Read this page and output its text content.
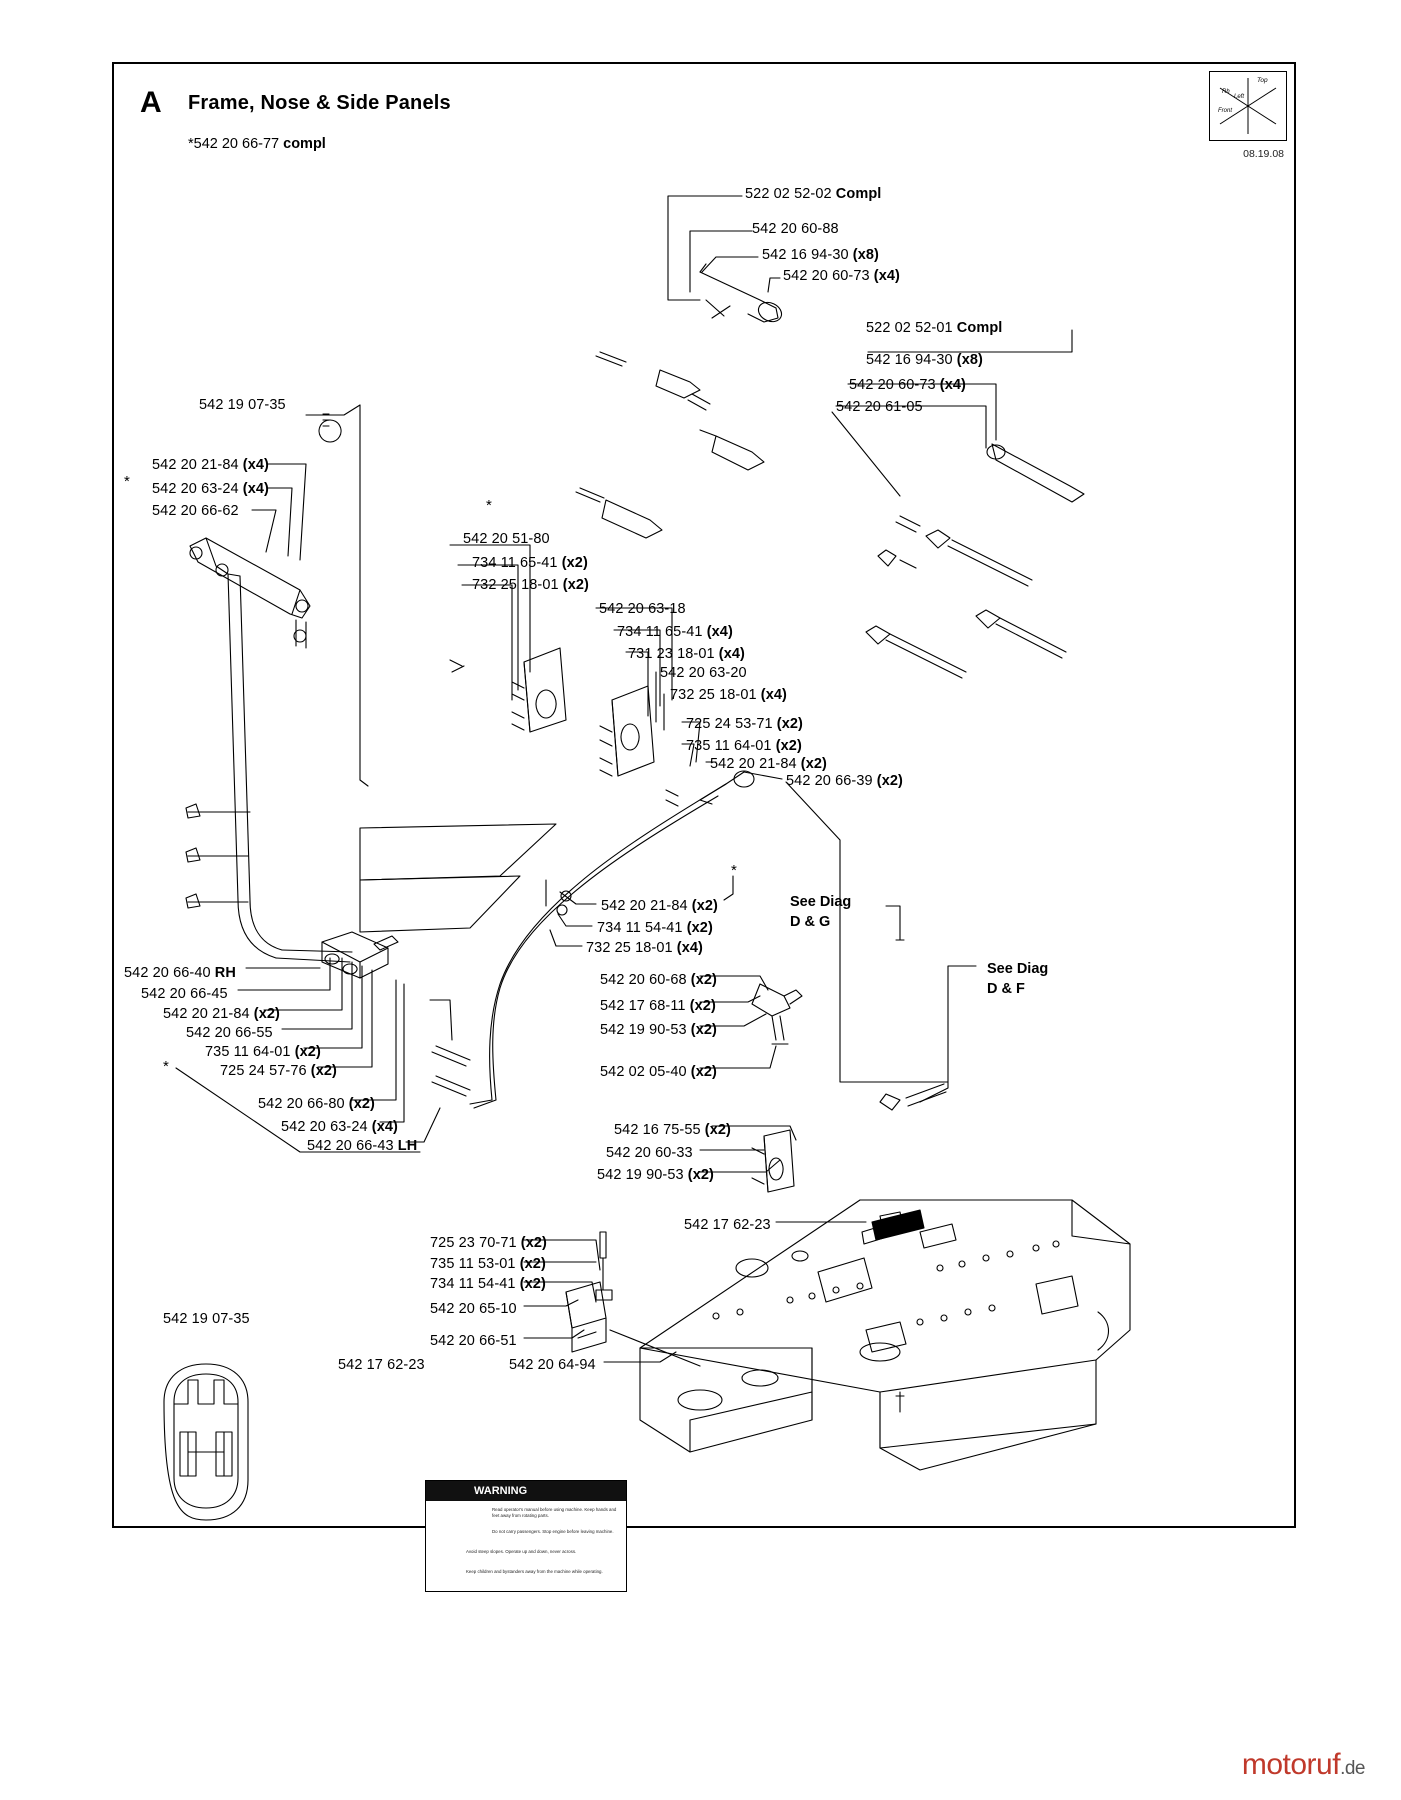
A Frame, Nose & Side Panels
*542 20 66-77 compl
Top
Rh
Left
Front
08.19.08
522 02 52-02 Compl
542 20 60-88
542 16 94-30 (x8)
542 20 60-73 (x4)
522 02 52-01 Compl
542 16 94-30 (x8)
542 20 60-73 (x4)
542 20 61-05
542 19 07-35
542 20 21-84 (x4)
542 20 63-24 (x4)
542 20 66-62
542 20 51-80
734 11 65-41 (x2)
732 25 18-01 (x2)
542 20 63-18
734 11 65-41 (x4)
731 23 18-01 (x4)
542 20 63-20
732 25 18-01 (x4)
725 24 53-71 (x2)
735 11 64-01 (x2)
542 20 21-84 (x2)
542 20 66-39 (x2)
542 20 21-84 (x2)
734 11 54-41 (x2)
732 25 18-01 (x4)
542 20 66-40 RH
542 20 66-45
542 20 21-84 (x2)
542 20 66-55
735 11 64-01 (x2)
725 24 57-76 (x2)
542 20 66-80 (x2)
542 20 63-24 (x4)
542 20 66-43 LH
542 20 60-68 (x2)
542 17 68-11 (x2)
542 19 90-53 (x2)
542 02 05-40 (x2)
542 16 75-55 (x2)
542 20 60-33
542 19 90-53 (x2)
725 23 70-71 (x2)
735 11 53-01 (x2)
734 11 54-41 (x2)
542 20 65-10
542 20 66-51
542 17 62-23
542 20 64-94
542 19 07-35
542 17 62-23
*
*
*
*
See Diag
D & G
See Diag
D & F
WARNING
Read operator's manual before using machine. Keep hands and feet away from rotating parts.
Do not carry passengers. Stop engine before leaving machine.
Avoid steep slopes. Operate up and down, never across.
Keep children and bystanders away from the machine while operating.
motoruf.de
